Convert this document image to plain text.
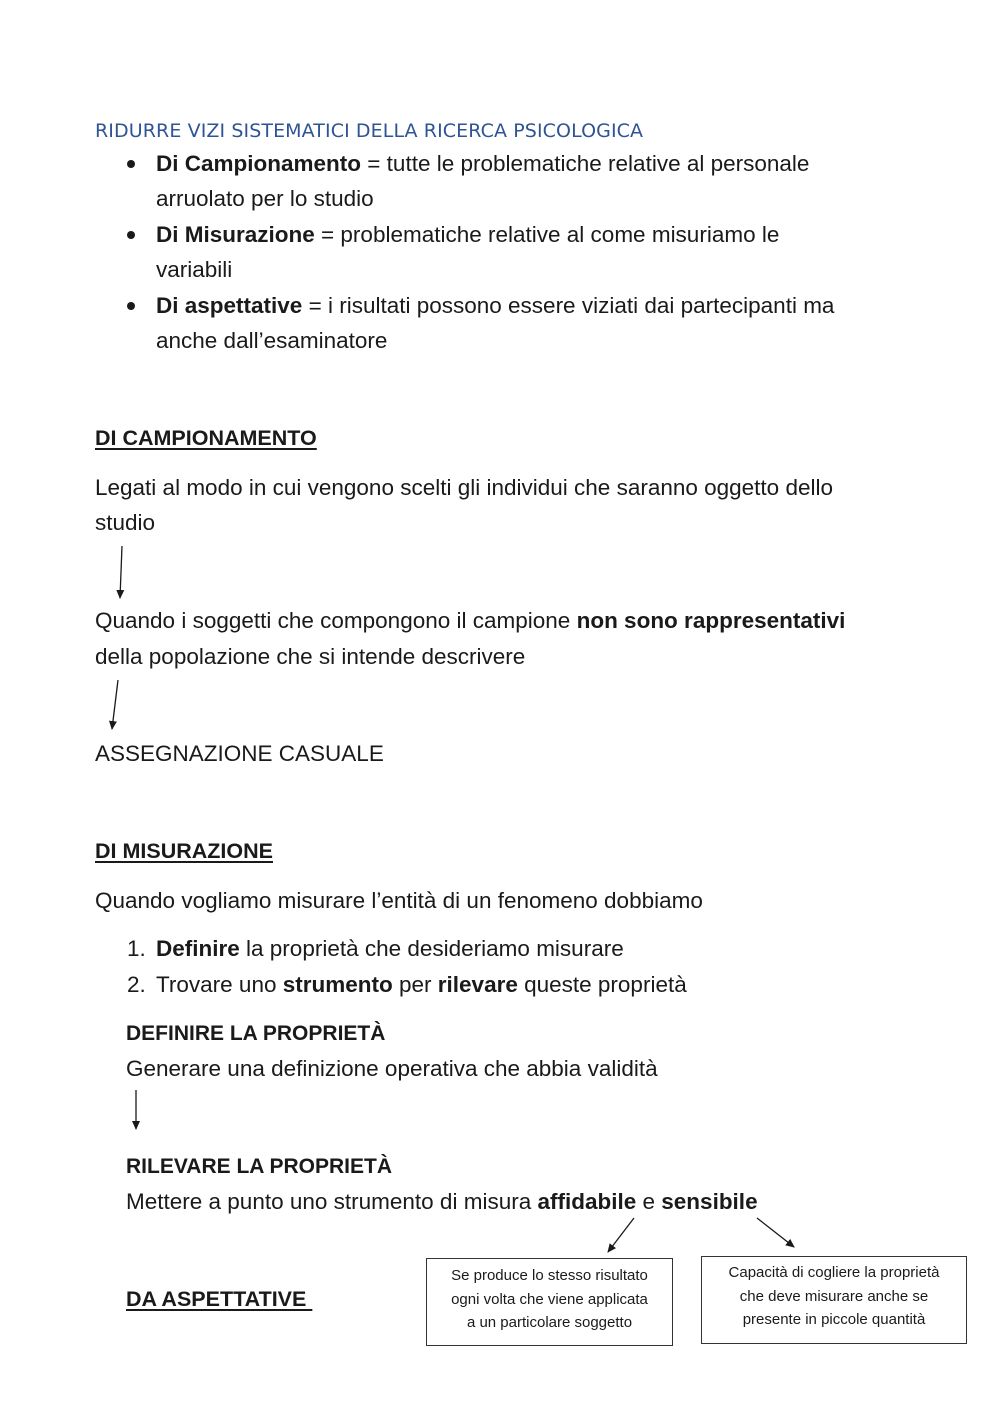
RIDURRE VIZI SISTEMATICI DELLA RICERCA PSICOLOGICA
Di Campionamento = tutte le problematiche relative al personale
arruolato per lo studio
Di Misurazione = problematiche relative al come misuriamo le
variabili
Di aspettative = i risultati possono essere viziati dai partecipanti ma
anche dall’esaminatore
DI CAMPIONAMENTO
Legati al modo in cui vengono scelti gli individui che saranno oggetto dello
studio
Quando i soggetti che compongono il campione non sono rappresentativi
della popolazione che si intende descrivere
ASSEGNAZIONE CASUALE
DI MISURAZIONE
Quando vogliamo misurare l’entità di un fenomeno dobbiamo
1. Definire la proprietà che desideriamo misurare
2. Trovare uno strumento per rilevare queste proprietà
DEFINIRE LA PROPRIETÀ
Generare una definizione operativa che abbia validità
RILEVARE LA PROPRIETÀ
Mettere a punto uno strumento di misura affidabile e sensibile
DA ASPETTATIVE
Se produce lo stesso risultato
ogni volta che viene applicata
a un particolare soggetto
Capacità di cogliere la proprietà
che deve misurare anche se
presente in piccole quantità
